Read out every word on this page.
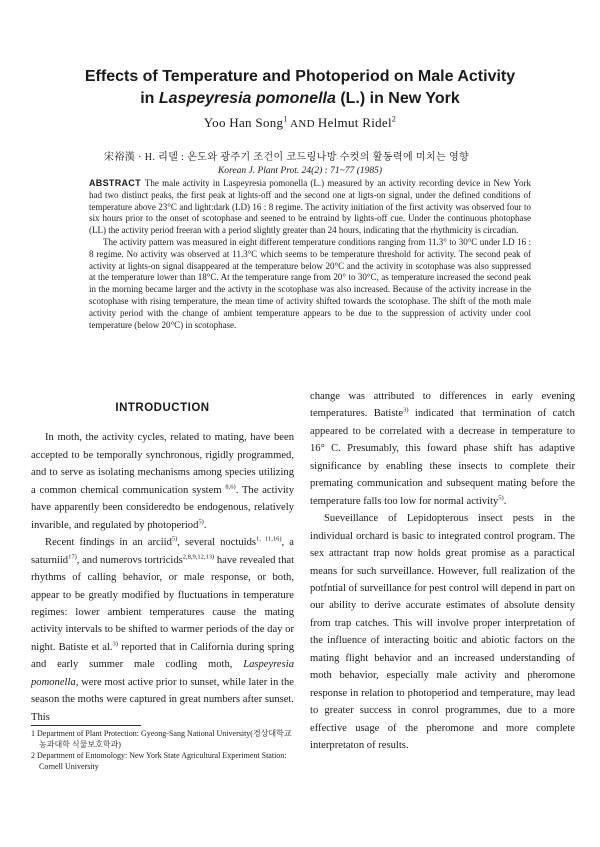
Effects of Temperature and Photoperiod on Male Activity
in Laspeyresia pomonella (L.) in New York
Yoo Han Song$^1$ AND Helmut Ridel$^2$
宋裕漢 · H. 리델 : 온도와 광주기 조건이 코드링나방 수컷의 활동력에 미치는 영향
Korean J. Plant Prot. 24(2) : 71~77 (1985)

ABSTRACT The male activity in Laspeyresia pomonella (L.) measured by an activity recording device in New York had two distinct peaks, the first peak at lights-off and the second one at ligts-on signal, under the defined conditions of temperature above 23°C and light:dark (LD) 16 : 8 regime. The activity initiation of the first activity was observed four to six hours prior to the onset of scotophase and seened to be entraind by lights-off cue. Under the continuous photophase (LL) the activity period freeran with a period slightly greater than 24 hours, indicating that the rhythmicity is circadian.

The activity pattern was measured in eight different temperature conditions ranging from 11.3° to 30°C under LD 16 : 8 regime. No activity was observed at 11.3°C which seems to be temperature threshold for activity. The second peak of activity at lights-on signal disappeared at the temperature below 20°C and the activity in scotophase was also suppressed at the temperature lower than 18°C. At the temperature range from 20° to 30°C, as temperature increased the second peak in the morning became larger and the activty in the scotophase was also increased. Because of the activity increase in the scotophase with rising temperature, the mean time of activity shifted towards the scotophase. The shift of the moth male activity period with the change of ambient temperature appears to be due to the suppression of activity under cool temperature (below 20°C) in scotophase.

INTRODUCTION

In moth, the activity cycles, related to mating, have been accepted to be temporally synchronous, rigidly programmed, and to serve as isolating mechanisms among species utilizing a common chemical communication system $^{8,6)}$. The activity have apparently been consideredto be endogenous, relatively invarible, and regulated by photoperiod$^{5)}$.

Recent findings in an arciid$^{5)}$, several noctuids$^{1, 11,16)}$, a saturniid$^{17)}$, and numerovs tortricids$^{2,8,9,12,13)}$ have revealed that rhythms of calling behavior, or male response, or both, appear to be greatly modified by fluctuations in temperature regimes: lower ambient temperatures cause the mating activity intervals to be shifted to warmer periods of the day or night. Batiste et al.$^{3)}$ reported that in California during spring and early summer male codling moth, Laspeyresia pomonella, were most active prior to sunset, while later in the season the moths were captured in great numbers after sunset. This

1 Department of Plant Protection: Gyeong-Sang National University(경상대학교 농과대학 식물보호학과)

2 Department of Entomology: New York State Agricultural Experiment Station: Cornell University

change was attributed to differences in early evening temperatures. Batiste$^{3)}$ indicated that termination of catch appeared to be correlated with a decrease in temperature to 16° C. Presumably, this foward phase shift has adaptive significance by enabling these insects to complete their premating communication and subsequent mating before the temperature falls too low for normal activity$^{5)}$.

Sueveillance of Lepidopterous insect pests in the individual orchard is basic to integrated control program. The sex attractant trap now holds great promise as a paractical means for such surveillance. However, full realization of the potfntial of surveillance for pest control will depend in part on our ability to derive accurate estimates of absolute density from trap catches. This will involve proper interpretation of the influence of interacting boitic and abiotic factors on the mating flight behavior and an increased understanding of moth behavior, especially male activity and pheromone response in relation to photoperiod and temperature, may lead to greater success in conrol programmes, due to a more effective usage of the pheromone and more complete interpretaton of results.
